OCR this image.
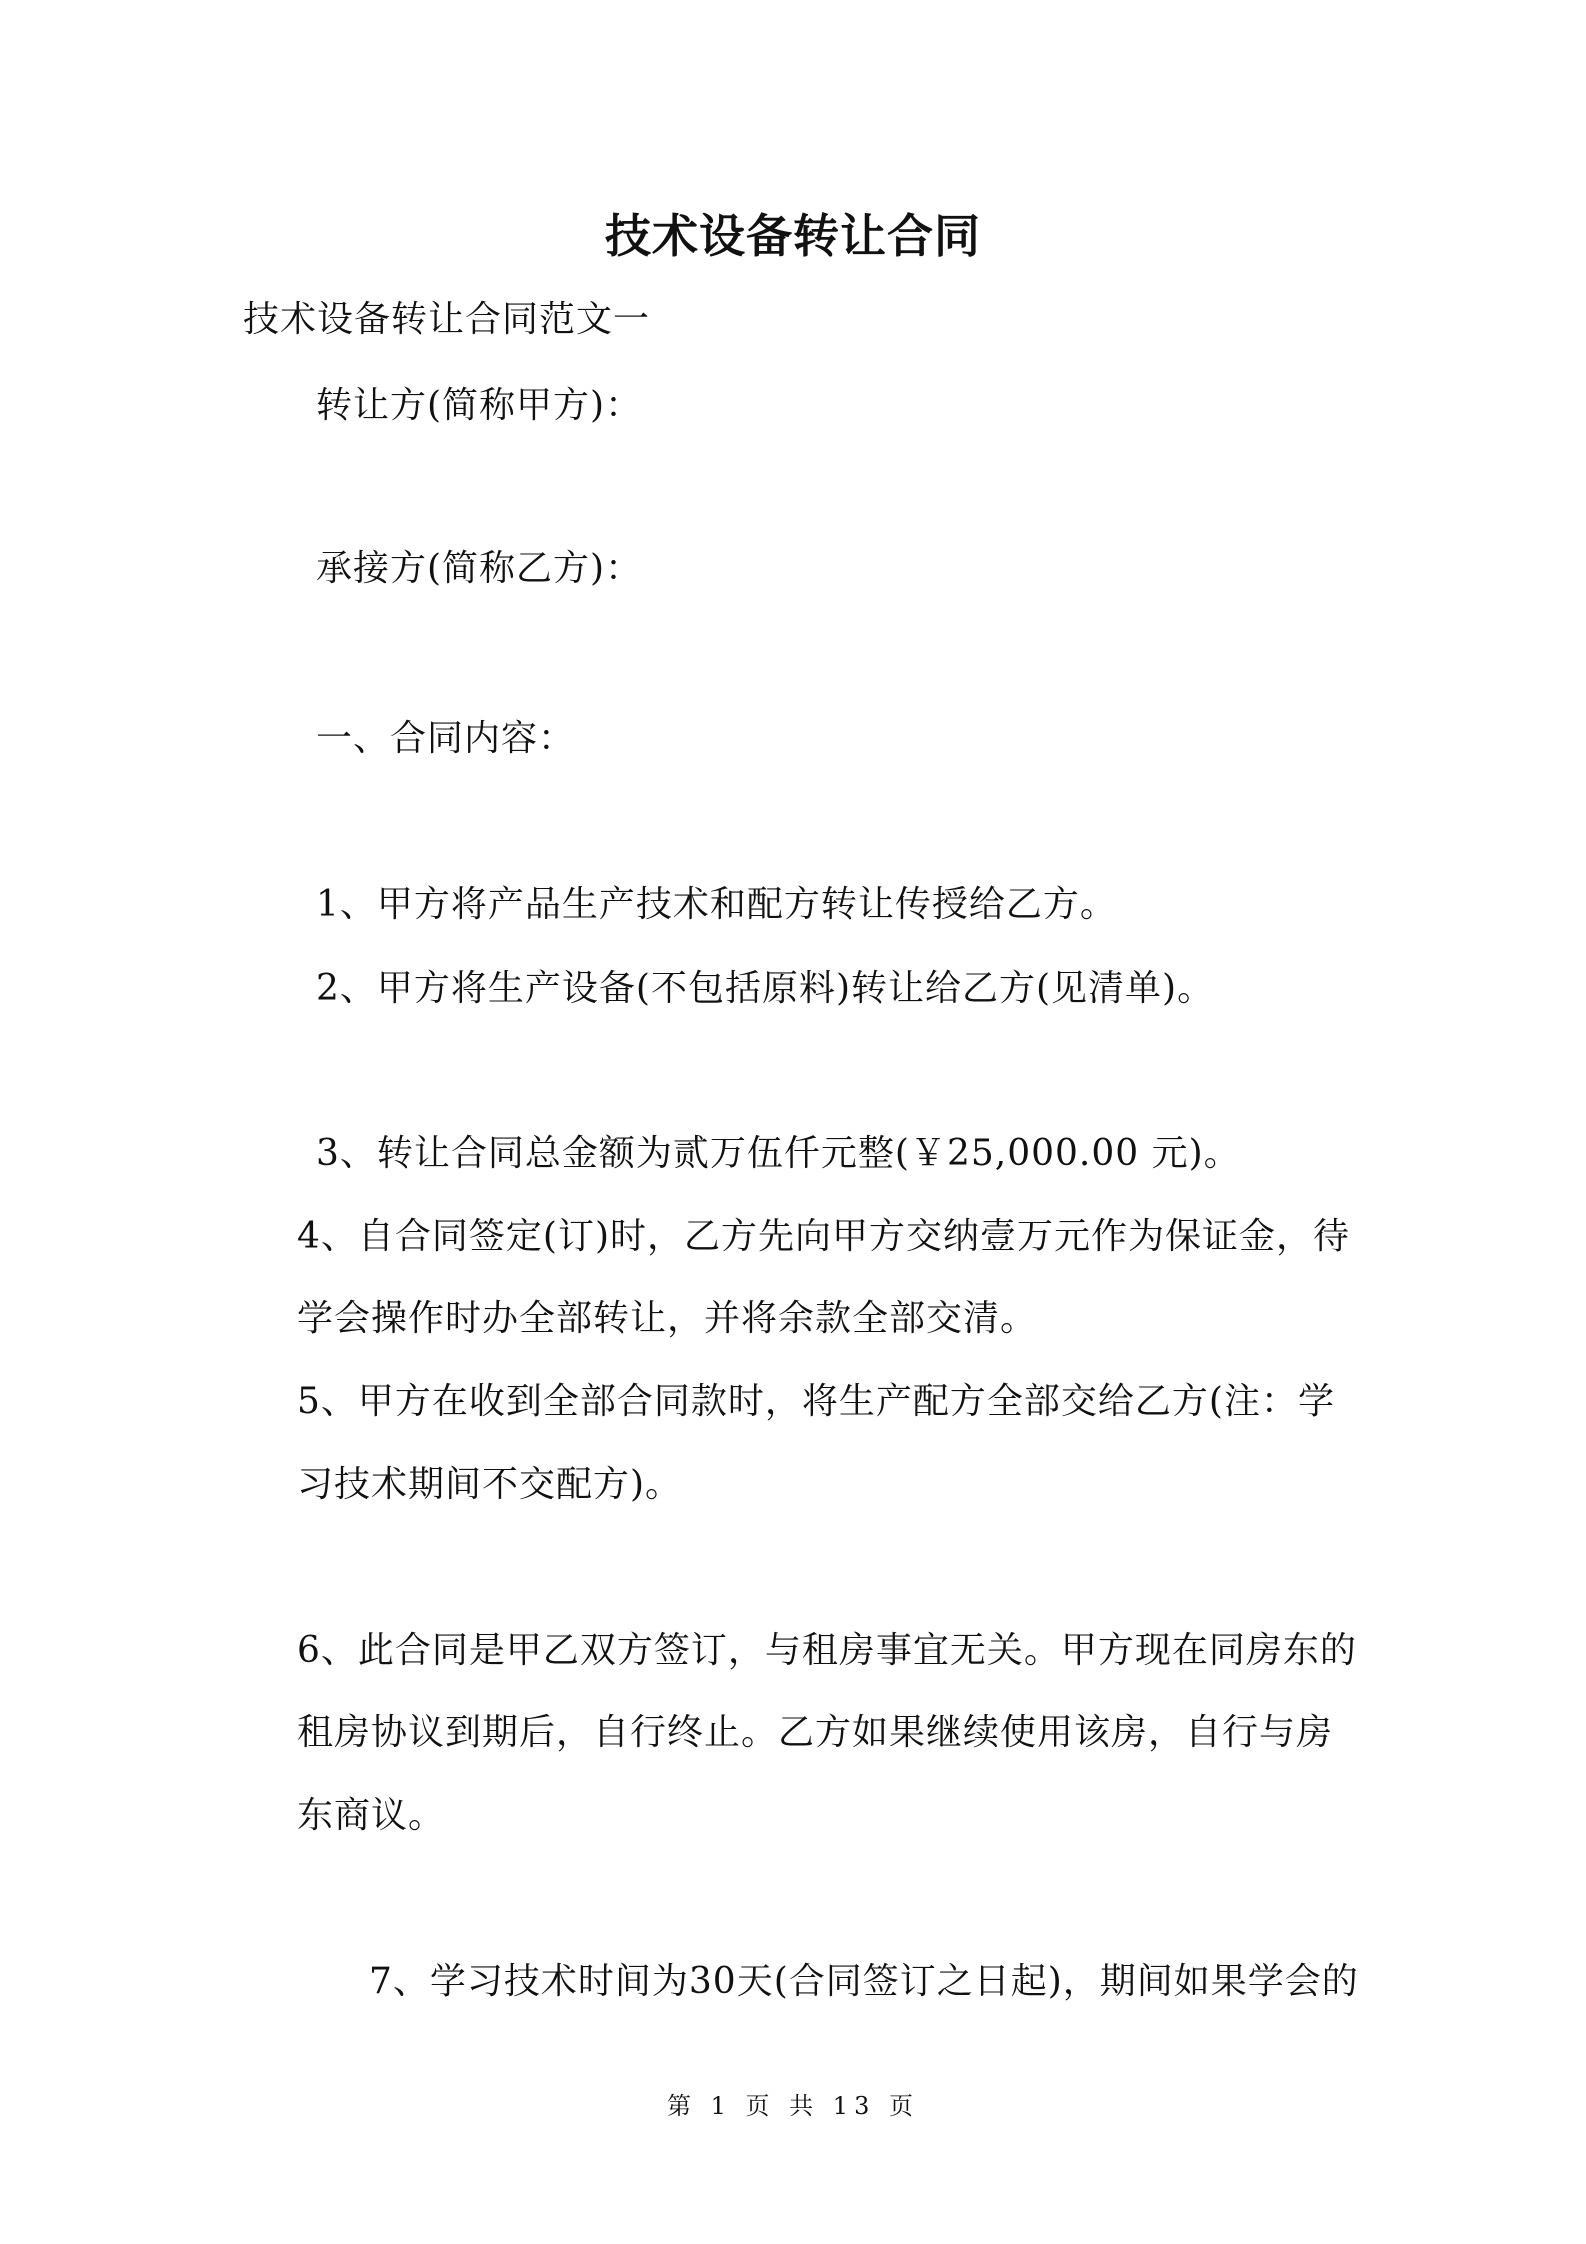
技术设备转让合同
技术设备转让合同范文一
转让方(简称甲方)：
承接方(简称乙方)：
一、合同内容：
1、甲方将产品生产技术和配方转让传授给乙方。
2、甲方将生产设备(不包括原料)转让给乙方(见清单)。
3、转让合同总金额为贰万伍仟元整(￥25,000.00 元)。
4、自合同签定(订)时，乙方先向甲方交纳壹万元作为保证金，待
学会操作时办全部转让，并将余款全部交清。
5、甲方在收到全部合同款时，将生产配方全部交给乙方(注：学
习技术期间不交配方)。
6、此合同是甲乙双方签订，与租房事宜无关。甲方现在同房东的
租房协议到期后，自行终止。乙方如果继续使用该房，自行与房
东商议。
7、学习技术时间为30天(合同签订之日起)，期间如果学会的
第 1 页 共 13 页
